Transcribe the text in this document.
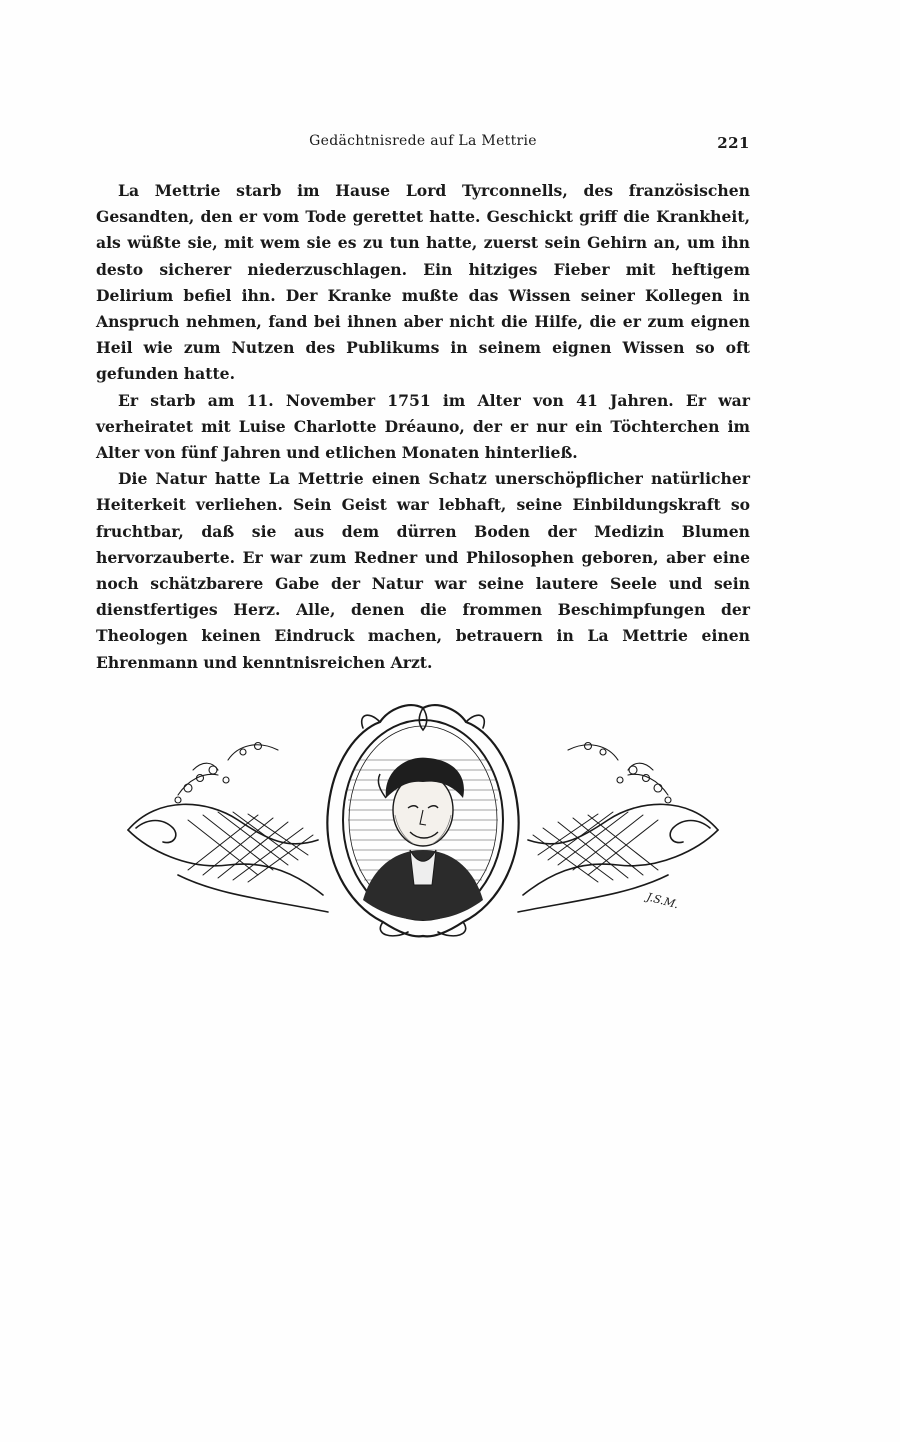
Gedächtnisrede auf La Mettrie	221

La Mettrie starb im Hause Lord Tyrconnells, des französischen Gesandten, den er vom Tode gerettet hatte. Geschickt griff die Krankheit, als wüßte sie, mit wem sie es zu tun hatte, zuerst sein Gehirn an, um ihn desto sicherer niederzuschlagen. Ein hitziges Fieber mit heftigem Delirium befiel ihn. Der Kranke mußte das Wissen seiner Kollegen in Anspruch nehmen, fand bei ihnen aber nicht die Hilfe, die er zum eignen Heil wie zum Nutzen des Publikums in seinem eignen Wissen so oft gefunden hatte.

Er starb am 11. November 1751 im Alter von 41 Jahren. Er war verheiratet mit Luise Charlotte Dréauno, der er nur ein Töchterchen im Alter von fünf Jahren und etlichen Monaten hinterließ.

Die Natur hatte La Mettrie einen Schatz unerschöpflicher natürlicher Heiterkeit verliehen. Sein Geist war lebhaft, seine Einbildungskraft so fruchtbar, daß sie aus dem dürren Boden der Medizin Blumen hervorzauberte. Er war zum Redner und Philosophen geboren, aber eine noch schätzbarere Gabe der Natur war seine lautere Seele und sein dienstfertiges Herz. Alle, denen die frommen Beschimpfungen der Theologen keinen Eindruck machen, betrauern in La Mettrie einen Ehrenmann und kenntnisreichen Arzt.

J.S.M.
